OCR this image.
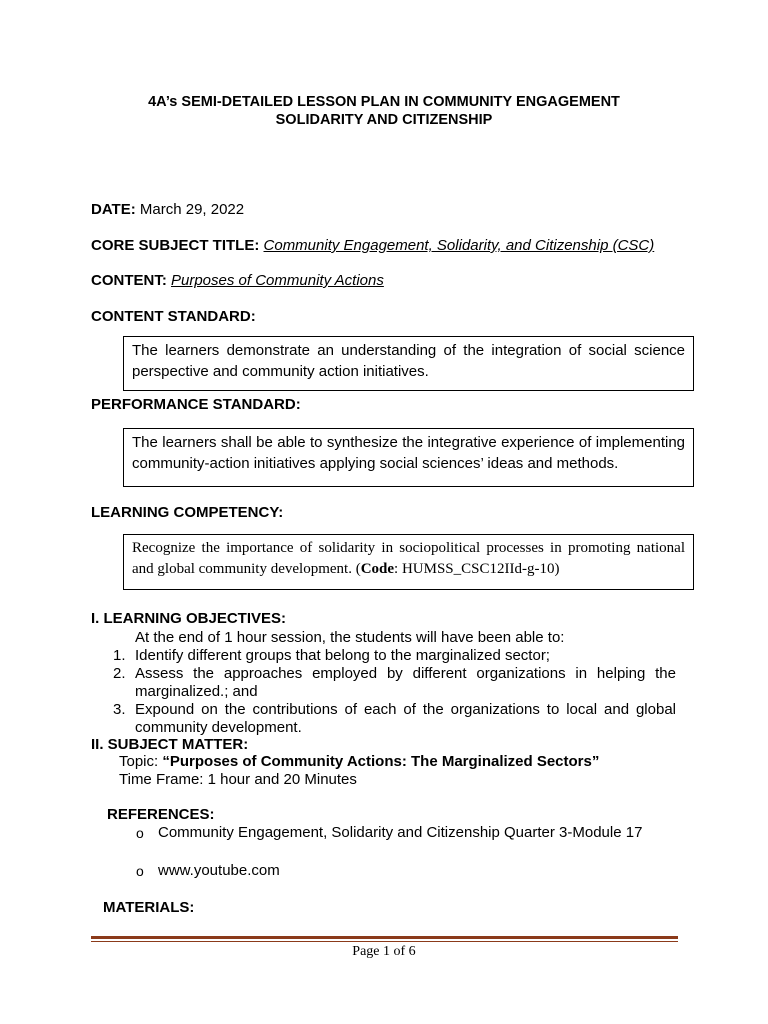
4A’s SEMI-DETAILED LESSON PLAN IN COMMUNITY ENGAGEMENT
SOLIDARITY AND CITIZENSHIP
DATE: March 29, 2022
CORE SUBJECT TITLE: Community Engagement, Solidarity, and Citizenship (CSC)
CONTENT: Purposes of Community Actions
CONTENT STANDARD:
The learners demonstrate an understanding of the integration of social science perspective and community action initiatives.
PERFORMANCE STANDARD:
The learners shall be able to synthesize the integrative experience of implementing community-action initiatives applying social sciences’ ideas and methods.
LEARNING COMPETENCY:
Recognize the importance of solidarity in sociopolitical processes in promoting national and global community development. (Code: HUMSS_CSC12IId-g-10)
I. LEARNING OBJECTIVES:
At the end of 1 hour session, the students will have been able to:
1. Identify different groups that belong to the marginalized sector;
2. Assess the approaches employed by different organizations in helping the marginalized.; and
3. Expound on the contributions of each of the organizations to local and global community development.
II. SUBJECT MATTER:
Topic: “Purposes of Community Actions: The Marginalized Sectors”
Time Frame: 1 hour and 20 Minutes
REFERENCES:
o Community Engagement, Solidarity and Citizenship Quarter 3-Module 17
o www.youtube.com
MATERIALS:
Page 1 of 6
